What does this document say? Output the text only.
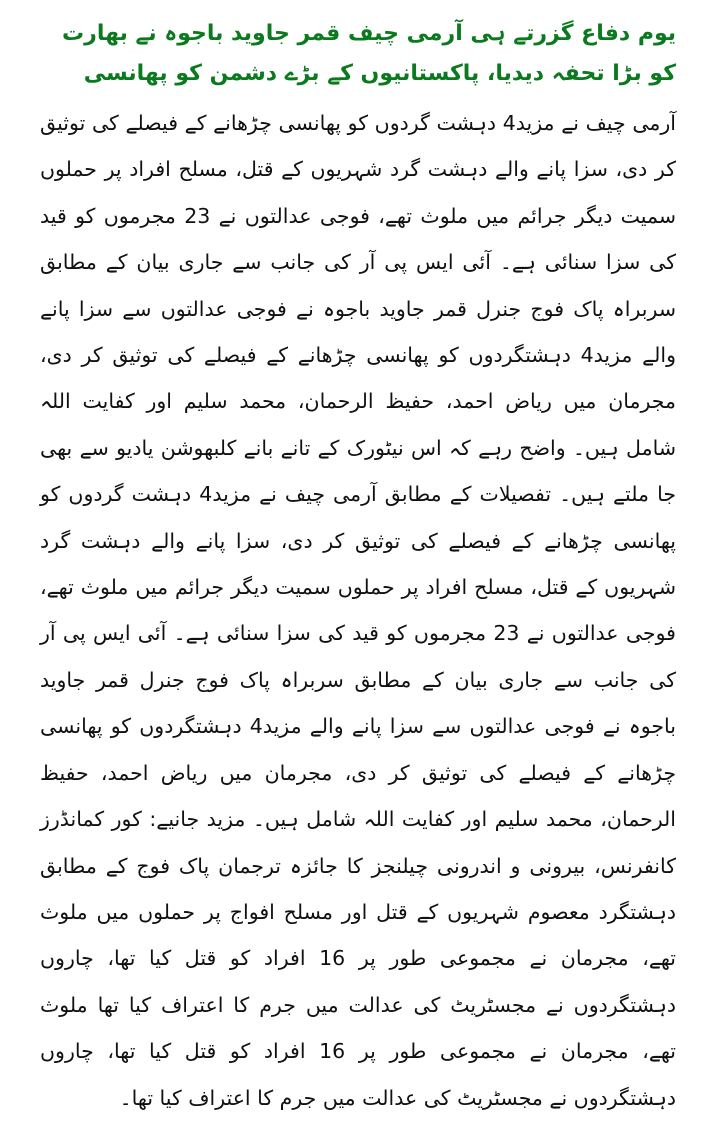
یوم دفاع گزرتے ہی آرمی چیف قمر جاوید باجوہ نے بھارت کو بڑا تحفہ دیدیا، پاکستانیوں کے بڑے دشمن کو پھانسی

آرمی چیف نے مزید4 دہشت گردوں کو پھانسی چڑھانے کے فیصلے کی توثیق کر دی، سزا پانے والے دہشت گرد شہریوں کے قتل، مسلح افراد پر حملوں سمیت دیگر جرائم میں ملوث تھے، فوجی عدالتوں نے 23 مجرموں کو قید کی سزا سنائی ہے۔ آئی ایس پی آر کی جانب سے جاری بیان کے مطابق سربراہ پاک فوج جنرل قمر جاوید باجوہ نے فوجی عدالتوں سے سزا پانے والے مزید4 دہشتگردوں کو پھانسی چڑھانے کے فیصلے کی توثیق کر دی، مجرمان میں ریاض احمد، حفیظ الرحمان، محمد سلیم اور کفایت اللہ شامل ہیں۔ واضح رہے کہ اس نیٹورک کے تانے بانے کلبھوشن یادیو سے بھی جا ملتے ہیں۔ تفصیلات کے مطابق آرمی چیف نے مزید4 دہشت گردوں کو پھانسی چڑھانے کے فیصلے کی توثیق کر دی، سزا پانے والے دہشت گرد شہریوں کے قتل، مسلح افراد پر حملوں سمیت دیگر جرائم میں ملوث تھے، فوجی عدالتوں نے 23 مجرموں کو قید کی سزا سنائی ہے۔ آئی ایس پی آر کی جانب سے جاری بیان کے مطابق سربراہ پاک فوج جنرل قمر جاوید باجوہ نے فوجی عدالتوں سے سزا پانے والے مزید4 دہشتگردوں کو پھانسی چڑھانے کے فیصلے کی توثیق کر دی، مجرمان میں ریاض احمد، حفیظ الرحمان، محمد سلیم اور کفایت اللہ شامل ہیں۔ مزید جانیے: کور کمانڈرز کانفرنس، بیرونی و اندرونی چیلنجز کا جائزہ ترجمان پاک فوج کے مطابق دہشتگرد معصوم شہریوں کے قتل اور مسلح افواج پر حملوں میں ملوث تھے، مجرمان نے مجموعی طور پر 16 افراد کو قتل کیا تھا، چاروں دہشتگردوں نے مجسٹریٹ کی عدالت میں جرم کا اعتراف کیا تھا ملوث تھے، مجرمان نے مجموعی طور پر 16 افراد کو قتل کیا تھا، چاروں دہشتگردوں نے مجسٹریٹ کی عدالت میں جرم کا اعتراف کیا تھا۔
